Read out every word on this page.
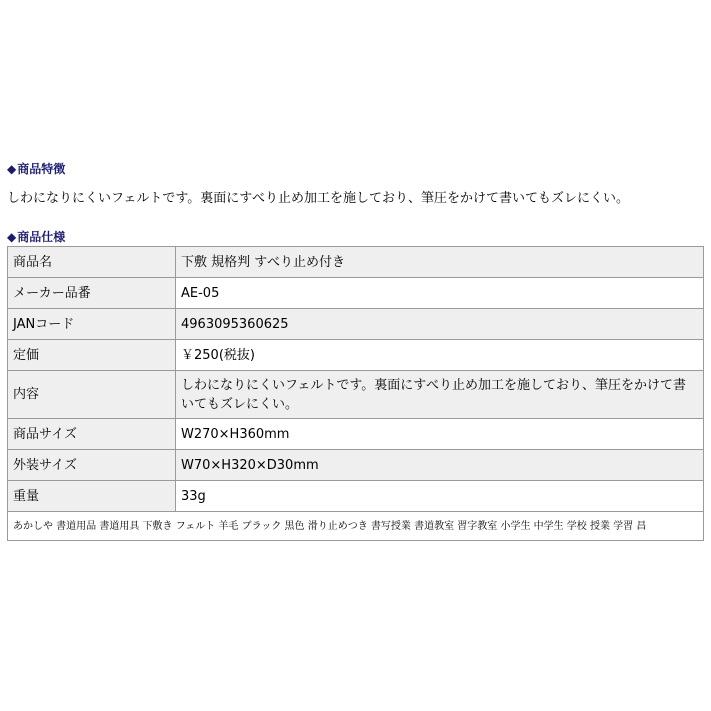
◆商品特徴
しわになりにくいフェルトです。裏面にすべり止め加工を施しており、筆圧をかけて書いてもズレにくい。
◆商品仕様
商品名	下敷 規格判 すべり止め付き
メーカー品番	AE-05
JANコード	4963095360625
定価	￥250(税抜)
内容	しわになりにくいフェルトです。裏面にすべり止め加工を施しており、筆圧をかけて書いてもズレにくい。
商品サイズ	W270×H360mm
外装サイズ	W70×H320×D30mm
重量	33g
あかしや 書道用品 書道用具 下敷き フェルト 羊毛 ブラック 黒色 滑り止めつき 書写授業 書道教室 習字教室 小学生 中学生 学校 授業 学習 昌	
